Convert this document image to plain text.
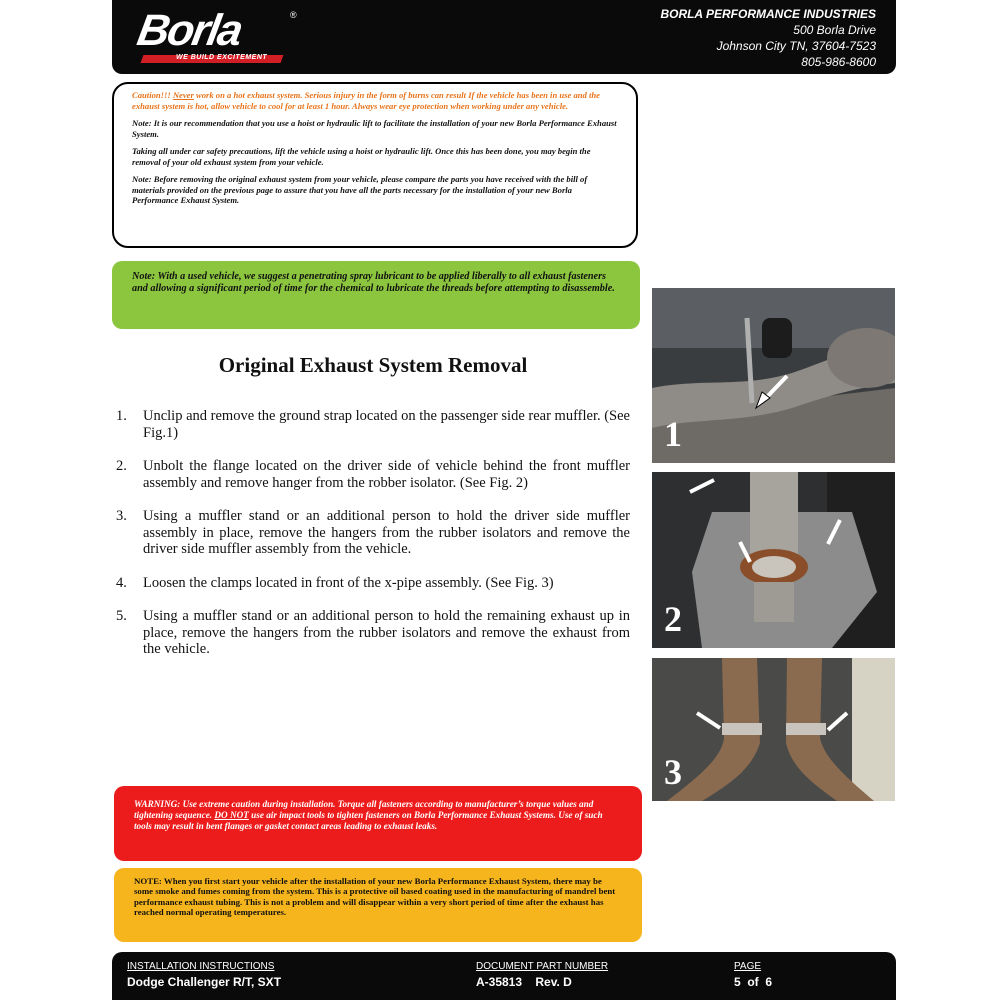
Borla	®
WE BUILD EXCITEMENT
BORLA PERFORMANCE INDUSTRIES
500 Borla Drive
Johnson City TN, 37604-7523
805-986-8600

Caution!!! Never work on a hot exhaust system. Serious injury in the form of burns can result If the vehicle has been in use and the exhaust system is hot, allow vehicle to cool for at least 1 hour. Always wear eye protection when working under any vehicle.

Note: It is our recommendation that you use a hoist or hydraulic lift to facilitate the installation of your new Borla Performance Exhaust System.

Taking all under car safety precautions, lift the vehicle using a hoist or hydraulic lift. Once this has been done, you may begin the removal of your old exhaust system from your vehicle.

Note: Before removing the original exhaust system from your vehicle, please compare the parts you have received with the bill of materials provided on the previous page to assure that you have all the parts necessary for the installation of your new Borla Performance Exhaust System.

Note: With a used vehicle, we suggest a penetrating spray lubricant to be applied liberally to all exhaust fasteners and allowing a significant period of time for the chemical to lubricate the threads before attempting to disassemble.
Original Exhaust System Removal
1. Unclip and remove the ground strap located on the passenger side rear muffler. (See Fig.1)
2. Unbolt the flange located on the driver side of vehicle behind the front muffler assembly and remove hanger from the robber isolator. (See Fig. 2)
3. Using a muffler stand or an additional person to hold the driver side muffler assembly in place, remove the hangers from the rubber isolators and remove the driver side muffler assembly from the vehicle.
4. Loosen the clamps located in front of the x-pipe assembly. (See Fig. 3)
5. Using a muffler stand or an additional person to hold the remaining exhaust up in place, remove the hangers from the rubber isolators and remove the exhaust from the vehicle.
1
2
3
WARNING: Use extreme caution during installation. Torque all fasteners according to manufacturer’s torque values and tightening sequence. DO NOT use air impact tools to tighten fasteners on Borla Performance Exhaust Systems. Use of such tools may result in bent flanges or gasket contact areas leading to exhaust leaks.
NOTE: When you first start your vehicle after the installation of your new Borla Performance Exhaust System, there may be some smoke and fumes coming from the system. This is a protective oil based coating used in the manufacturing of mandrel bent performance exhaust tubing. This is not a problem and will disappear within a very short period of time after the exhaust has reached normal operating temperatures.
INSTALLATION INSTRUCTIONS
Dodge Challenger R/T, SXT
DOCUMENT PART NUMBER
A-35813    Rev. D
PAGE
5  of  6
